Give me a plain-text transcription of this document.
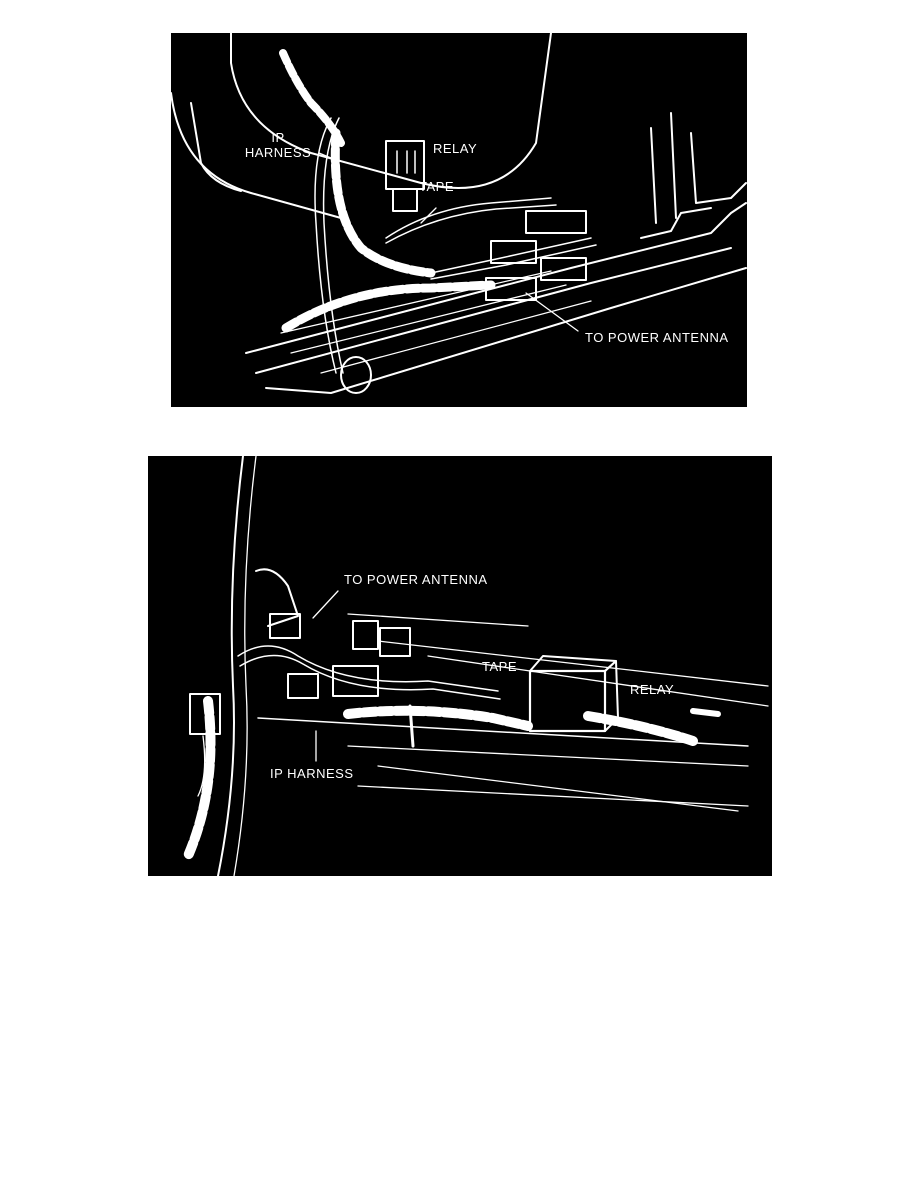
IP
HARNESS	RELAY
TAPE
TO POWER ANTENNA
TO POWER ANTENNA
TAPE
RELAY
IP HARNESS
